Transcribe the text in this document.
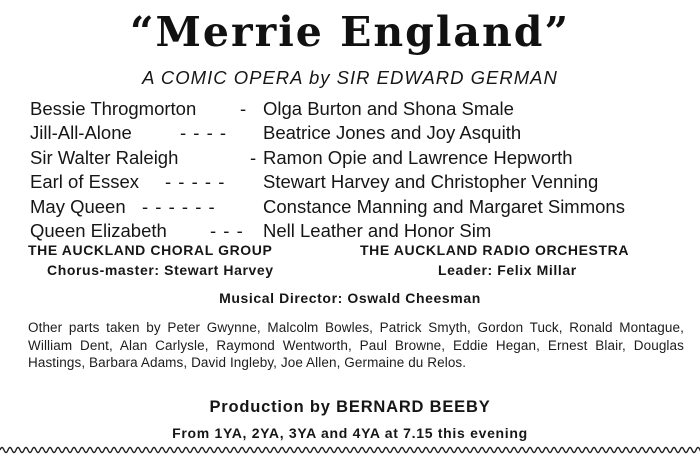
“Merrie England”
A COMIC OPERA by SIR EDWARD GERMAN
Bessie Throgmorton - Olga Burton and Shona Smale
Jill-All-Alone	- - - - Beatrice Jones and Joy Asquith
Sir Walter Raleigh	- Ramon Opie and Lawrence Hepworth
Earl of Essex - - - - - Stewart Harvey and Christopher Venning
May Queen - - - - - -	Constance Manning and Margaret Simmons
Queen Elizabeth - - - Nell Leather and Honor Sim
THE AUCKLAND CHORAL GROUP	THE AUCKLAND RADIO ORCHESTRA
Chorus-master: Stewart Harvey	Leader: Felix Millar
Musical Director: Oswald Cheesman
Other parts taken by Peter Gwynne, Malcolm Bowles, Patrick Smyth, Gordon Tuck, Ronald Montague, William Dent, Alan Carlysle, Raymond Wentworth, Paul Browne, Eddie Hegan, Ernest Blair, Douglas Hastings, Barbara Adams, David Ingleby, Joe Allen, Germaine du Relos.
Production by BERNARD BEEBY
From 1YA, 2YA, 3YA and 4YA at 7.15 this evening
